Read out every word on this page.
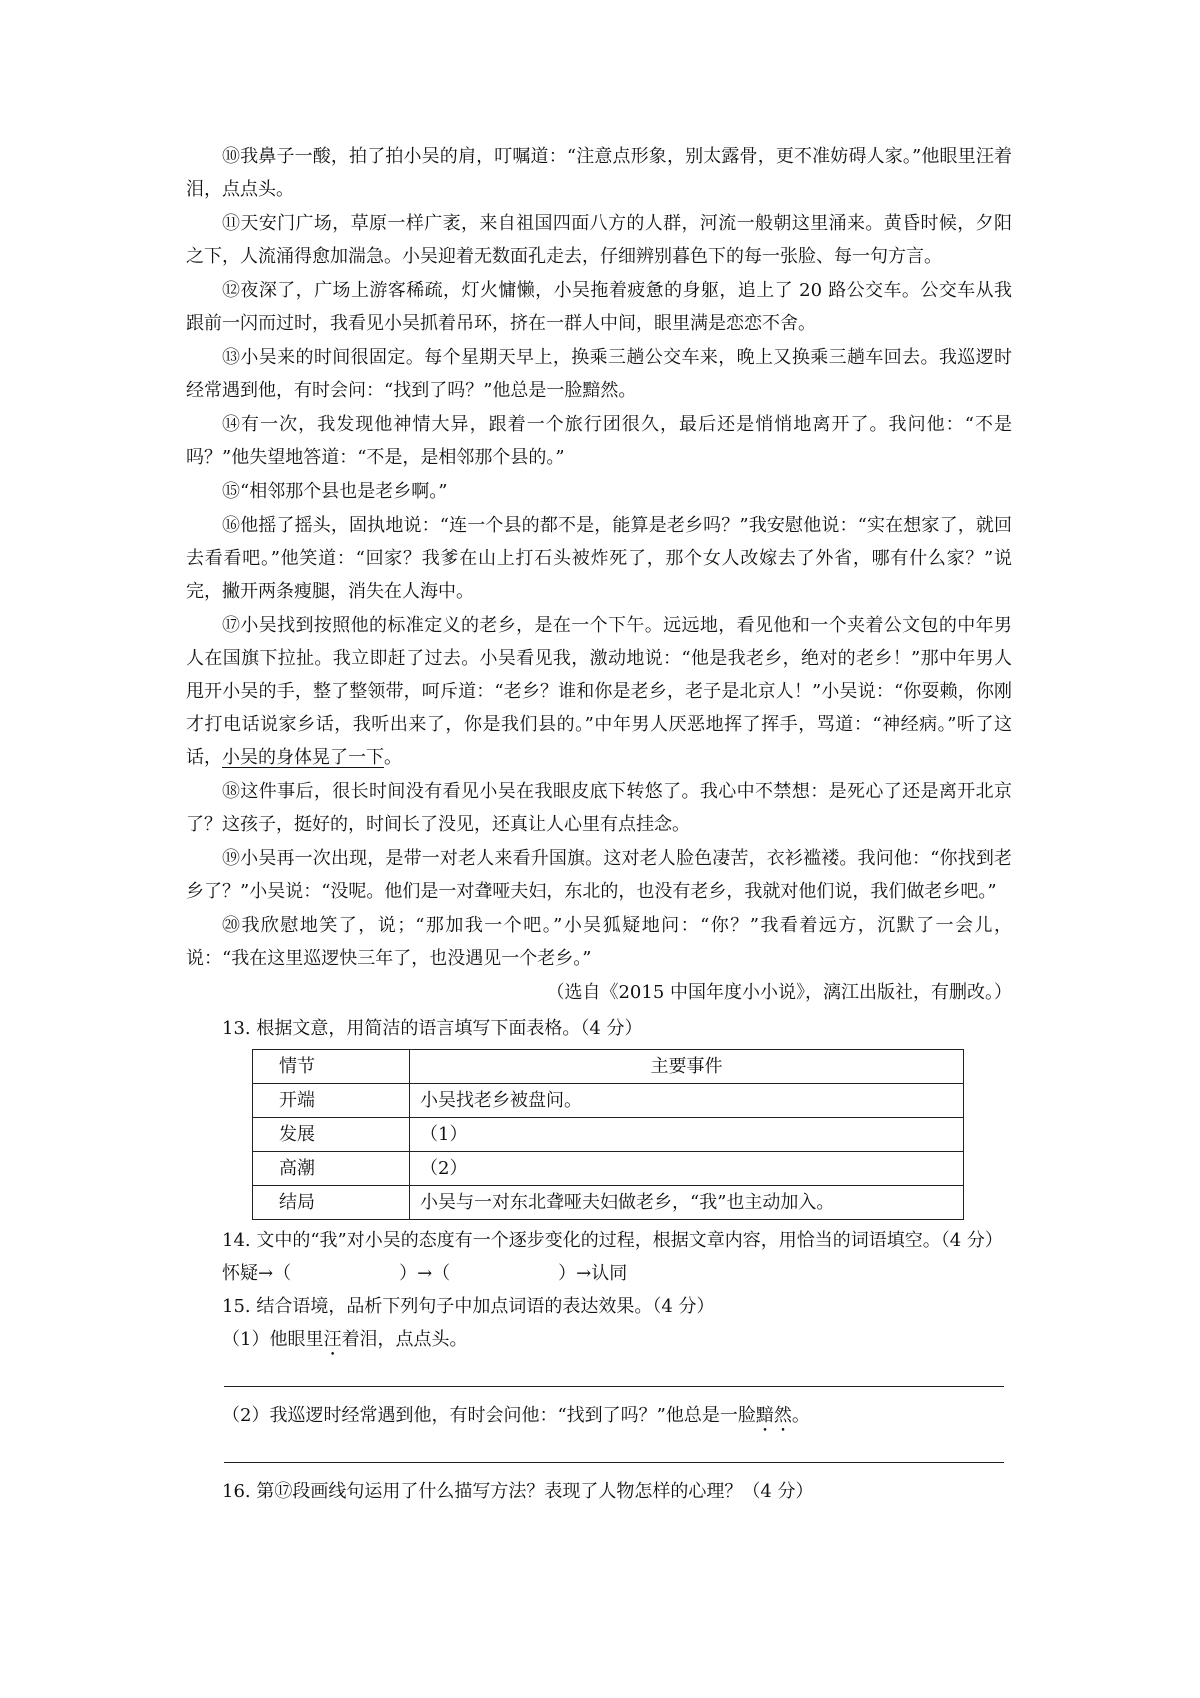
⑩我鼻子一酸，拍了拍小吴的肩，叮嘱道：“注意点形象，别太露骨，更不准妨碍人家。”他眼里汪着泪，点点头。

⑪天安门广场，草原一样广袤，来自祖国四面八方的人群，河流一般朝这里涌来。黄昏时候，夕阳之下，人流涌得愈加湍急。小吴迎着无数面孔走去，仔细辨别暮色下的每一张脸、每一句方言。

⑫夜深了，广场上游客稀疏，灯火慵懒，小吴拖着疲惫的身躯，追上了 20 路公交车。公交车从我跟前一闪而过时，我看见小吴抓着吊环，挤在一群人中间，眼里满是恋恋不舍。

⑬小吴来的时间很固定。每个星期天早上，换乘三趟公交车来，晚上又换乘三趟车回去。我巡逻时经常遇到他，有时会问：“找到了吗？”他总是一脸黯然。

⑭有一次，我发现他神情大异，跟着一个旅行团很久，最后还是悄悄地离开了。我问他：“不是吗？”他失望地答道：“不是，是相邻那个县的。”

⑮“相邻那个县也是老乡啊。”

⑯他摇了摇头，固执地说：“连一个县的都不是，能算是老乡吗？”我安慰他说：“实在想家了，就回去看看吧。”他笑道：“回家？我爹在山上打石头被炸死了，那个女人改嫁去了外省，哪有什么家？”说完，撇开两条瘦腿，消失在人海中。

⑰小吴找到按照他的标准定义的老乡，是在一个下午。远远地，看见他和一个夹着公文包的中年男人在国旗下拉扯。我立即赶了过去。小吴看见我，激动地说：“他是我老乡，绝对的老乡！”那中年男人甩开小吴的手，整了整领带，呵斥道：“老乡？谁和你是老乡，老子是北京人！”小吴说：“你耍赖，你刚才打电话说家乡话，我听出来了，你是我们县的。”中年男人厌恶地挥了挥手，骂道：“神经病。”听了这话，小吴的身体晃了一下。

⑱这件事后，很长时间没有看见小吴在我眼皮底下转悠了。我心中不禁想：是死心了还是离开北京了？这孩子，挺好的，时间长了没见，还真让人心里有点挂念。

⑲小吴再一次出现，是带一对老人来看升国旗。这对老人脸色凄苦，衣衫褴褛。我问他：“你找到老乡了？”小吴说：“没呢。他们是一对聋哑夫妇，东北的，也没有老乡，我就对他们说，我们做老乡吧。”

⑳我欣慰地笑了，说；“那加我一个吧。”小吴狐疑地问：“你？”我看着远方，沉默了一会儿，说：“我在这里巡逻快三年了，也没遇见一个老乡。”

（选自《2015 中国年度小小说》，漓江出版社，有删改。）

13. 根据文意，用简洁的语言填写下面表格。（4 分）

情节	主要事件
开端	小吴找老乡被盘问。
发展	（1）
高潮	（2）
结局	小吴与一对东北聋哑夫妇做老乡，“我”也主动加入。

14. 文中的“我”对小吴的态度有一个逐步变化的过程，根据文章内容，用恰当的词语填空。（4 分）

怀疑→（　　　　　　）→（　　　　　　）→认同

15. 结合语境，品析下列句子中加点词语的表达效果。（4 分）

（1）他眼里汪着泪，点点头。

（2）我巡逻时经常遇到他，有时会问他：“找到了吗？”他总是一脸黯然。

16. 第⑰段画线句运用了什么描写方法？表现了人物怎样的心理？（4 分）
